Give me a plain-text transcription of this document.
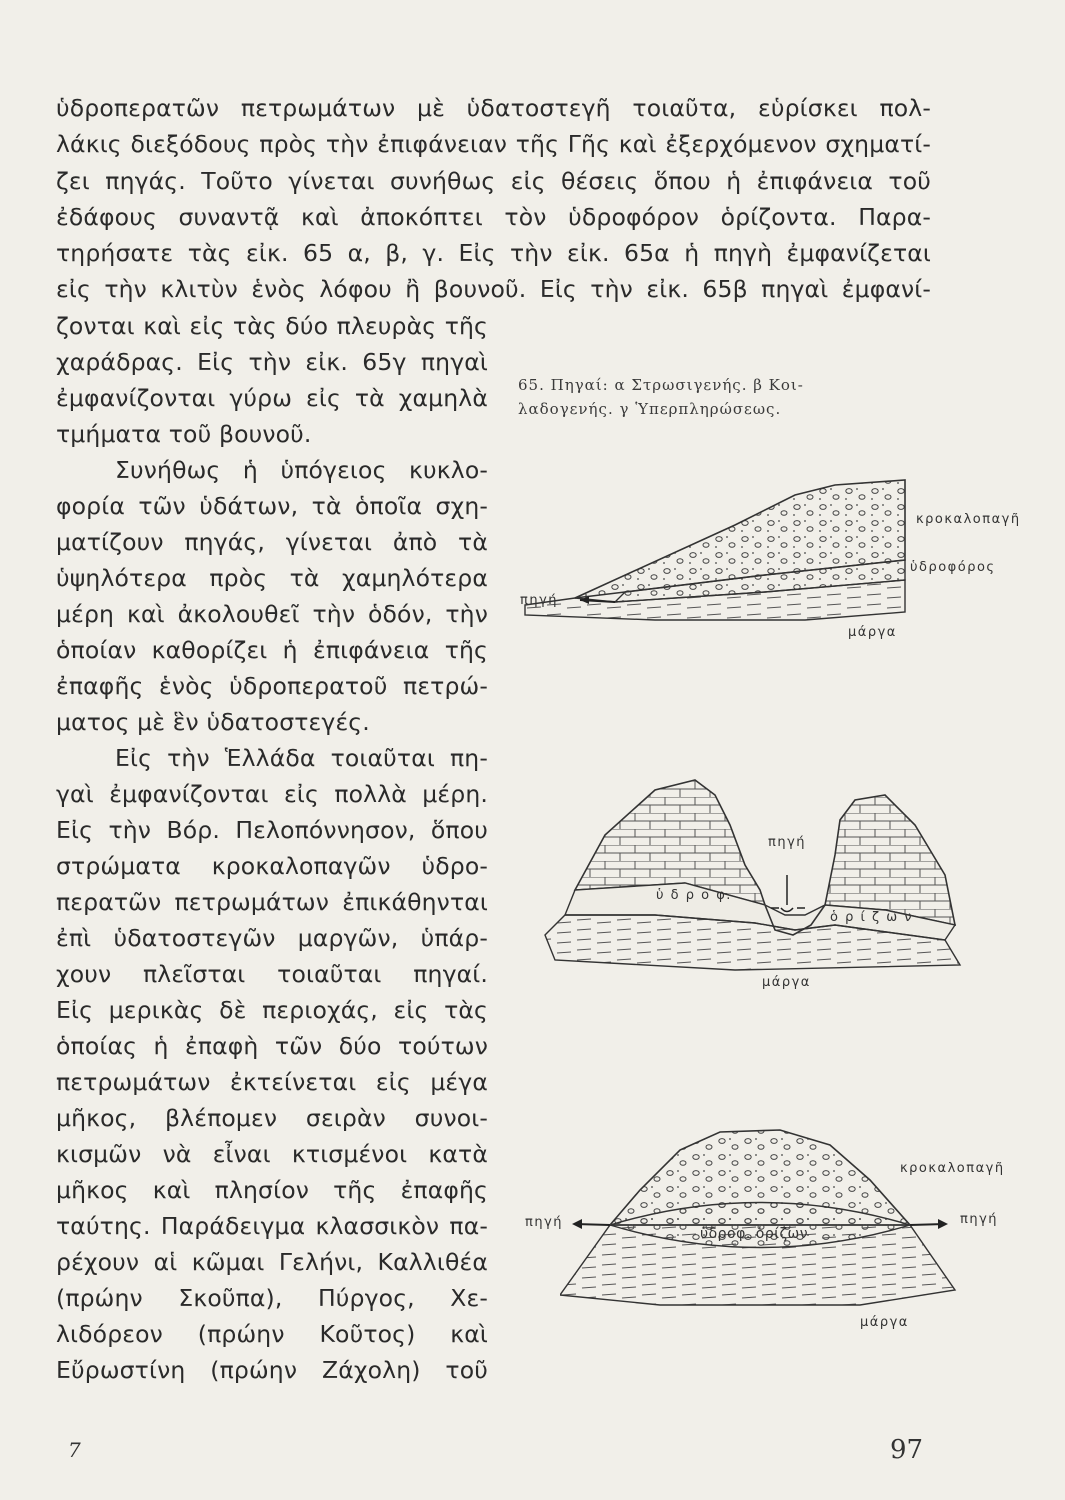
ὑδροπερατῶν πετρωμάτων μὲ ὑδατοστεγῆ τοιαῦτα, εὑρίσκει πολ-
λάκις διεξόδους πρὸς τὴν ἐπιφάνειαν τῆς Γῆς καὶ ἐξερχόμενον σχηματί-
ζει πηγάς. Τοῦτο γίνεται συνήθως εἰς θέσεις ὅπου ἡ ἐπιφάνεια τοῦ
ἐδάφους συναντᾷ καὶ ἀποκόπτει τὸν ὑδροφόρον ὁρίζοντα. Παρα-
τηρήσατε τὰς εἰκ. 65 α, β, γ. Εἰς τὴν εἰκ. 65α ἡ πηγὴ ἐμφανίζεται
εἰς τὴν κλιτὺν ἑνὸς λόφου ἢ βουνοῦ. Εἰς τὴν εἰκ. 65β πηγαὶ ἐμφανί-
ζονται καὶ εἰς τὰς δύο πλευρὰς τῆς
χαράδρας. Εἰς τὴν εἰκ. 65γ πηγαὶ
ἐμφανίζονται γύρω εἰς τὰ χαμηλὰ
τμήματα τοῦ βουνοῦ.
Συνήθως ἡ ὑπόγειος κυκλο-
φορία τῶν ὑδάτων, τὰ ὁποῖα σχη-
ματίζουν πηγάς, γίνεται ἀπὸ τὰ
ὑψηλότερα πρὸς τὰ χαμηλότερα
μέρη καὶ ἀκολουθεῖ τὴν ὁδόν, τὴν
ὁποίαν καθορίζει ἡ ἐπιφάνεια τῆς
ἐπαφῆς ἑνὸς ὑδροπερατοῦ πετρώ-
ματος μὲ ἓν ὑδατοστεγές.
Εἰς τὴν Ἑλλάδα τοιαῦται πη-
γαὶ ἐμφανίζονται εἰς πολλὰ μέρη.
Εἰς τὴν Βόρ. Πελοπόννησον, ὅπου
στρώματα κροκαλοπαγῶν ὑδρο-
περατῶν πετρωμάτων ἐπικάθηνται
ἐπὶ ὑδατοστεγῶν μαργῶν, ὑπάρ-
χουν πλεῖσται τοιαῦται πηγαί.
Εἰς μερικὰς δὲ περιοχάς, εἰς τὰς
ὁποίας ἡ ἐπαφὴ τῶν δύο τούτων
πετρωμάτων ἐκτείνεται εἰς μέγα
μῆκος, βλέπομεν σειρὰν συνοι-
κισμῶν νὰ εἶναι κτισμένοι κατὰ
μῆκος καὶ πλησίον τῆς ἐπαφῆς
ταύτης. Παράδειγμα κλασσικὸν πα-
ρέχουν αἱ κῶμαι Γελήνι, Καλλιθέα
(πρώην Σκοῦπα), Πύργος, Χε-
λιδόρεον (πρώην Κοῦτος) καὶ
Εὔρωστίνη (πρώην Ζάχολη) τοῦ
65. Πηγαί: α Στρωσιγενής. β Κοι-
λαδογενής. γ Ὑπερπληρώσεως.
κροκαλοπαγῆ
ὑδροφόρος
πηγή
μάργα
πηγή
ὑ δ ρ ο φ.
ὁ ρ ί ζ ω ν
μάργα
κροκαλοπαγῆ
πηγή	πηγή
ὑδροφ. ὁρίζων
μάργα
7	97
